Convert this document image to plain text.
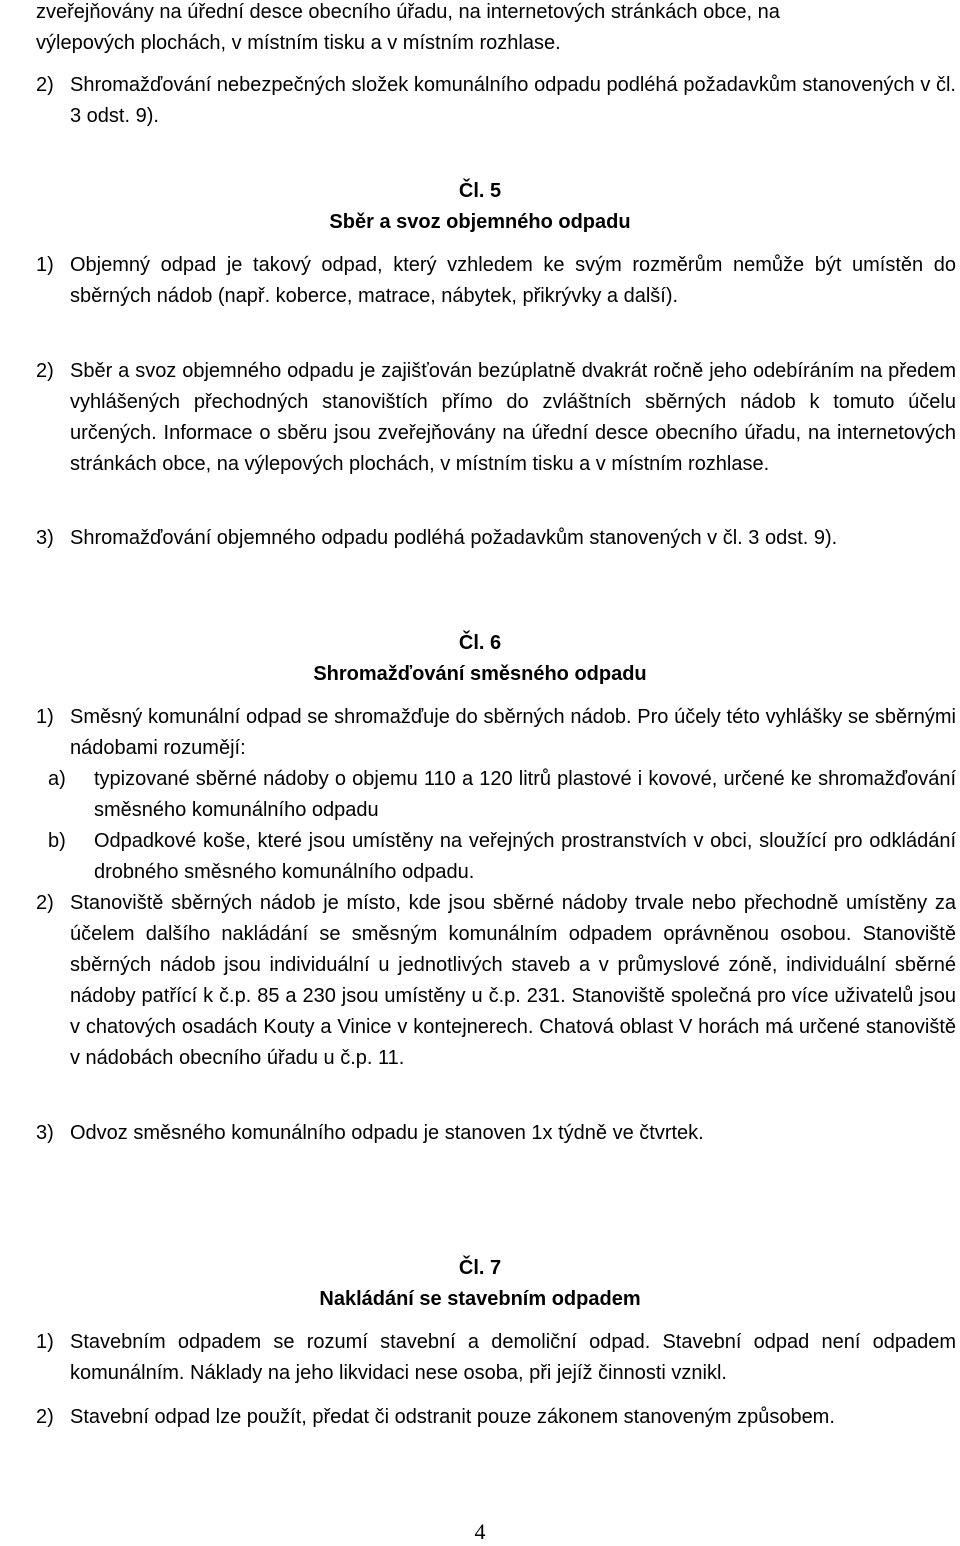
zveřejňovány na úřední desce obecního úřadu, na internetových stránkách obce, na
výlepových plochách, v místním tisku a v místním rozhlase.
2) Shromažďování nebezpečných složek komunálního odpadu podléhá požadavkům stanovených v čl. 3 odst. 9).
Čl. 5
Sběr a svoz objemného odpadu
1) Objemný odpad je takový odpad, který vzhledem ke svým rozměrům nemůže být umístěn do sběrných nádob (např. koberce, matrace, nábytek, přikrývky a další).
2) Sběr a svoz objemného odpadu je zajišťován bezúplatně dvakrát ročně jeho odebíráním na předem vyhlášených přechodných stanovištích přímo do zvláštních sběrných nádob k tomuto účelu určených. Informace o sběru jsou zveřejňovány na úřední desce obecního úřadu, na internetových stránkách obce, na výlepových plochách, v místním tisku a v místním rozhlase.
3) Shromažďování objemného odpadu podléhá požadavkům stanovených v čl. 3 odst. 9).
Čl. 6
Shromažďování směsného odpadu
1) Směsný komunální odpad se shromažďuje do sběrných nádob. Pro účely této vyhlášky se sběrnými nádobami rozumějí:
a)	typizované sběrné nádoby o objemu 110 a 120 litrů plastové i kovové, určené ke shromažďování směsného komunálního odpadu
b)	Odpadkové koše, které jsou umístěny na veřejných prostranstvích v obci, sloužící pro odkládání drobného směsného komunálního odpadu.
2) Stanoviště sběrných nádob je místo, kde jsou sběrné nádoby trvale nebo přechodně umístěny za účelem dalšího nakládání se směsným komunálním odpadem oprávněnou osobou. Stanoviště sběrných nádob jsou individuální u jednotlivých staveb a v průmyslové zóně, individuální sběrné nádoby patřící k č.p. 85 a 230 jsou umístěny u č.p. 231. Stanoviště společná pro více uživatelů jsou v chatových osadách Kouty a Vinice v kontejnerech. Chatová oblast V horách má určené stanoviště v nádobách obecního úřadu u č.p. 11.
3) Odvoz směsného komunálního odpadu je stanoven 1x týdně ve čtvrtek.
Čl. 7
Nakládání se stavebním odpadem
1) Stavebním odpadem se rozumí stavební a demoliční odpad. Stavební odpad není odpadem komunálním. Náklady na jeho likvidaci nese osoba, při jejíž činnosti vznikl.
2) Stavební odpad lze použít, předat či odstranit pouze zákonem stanoveným způsobem.
4
